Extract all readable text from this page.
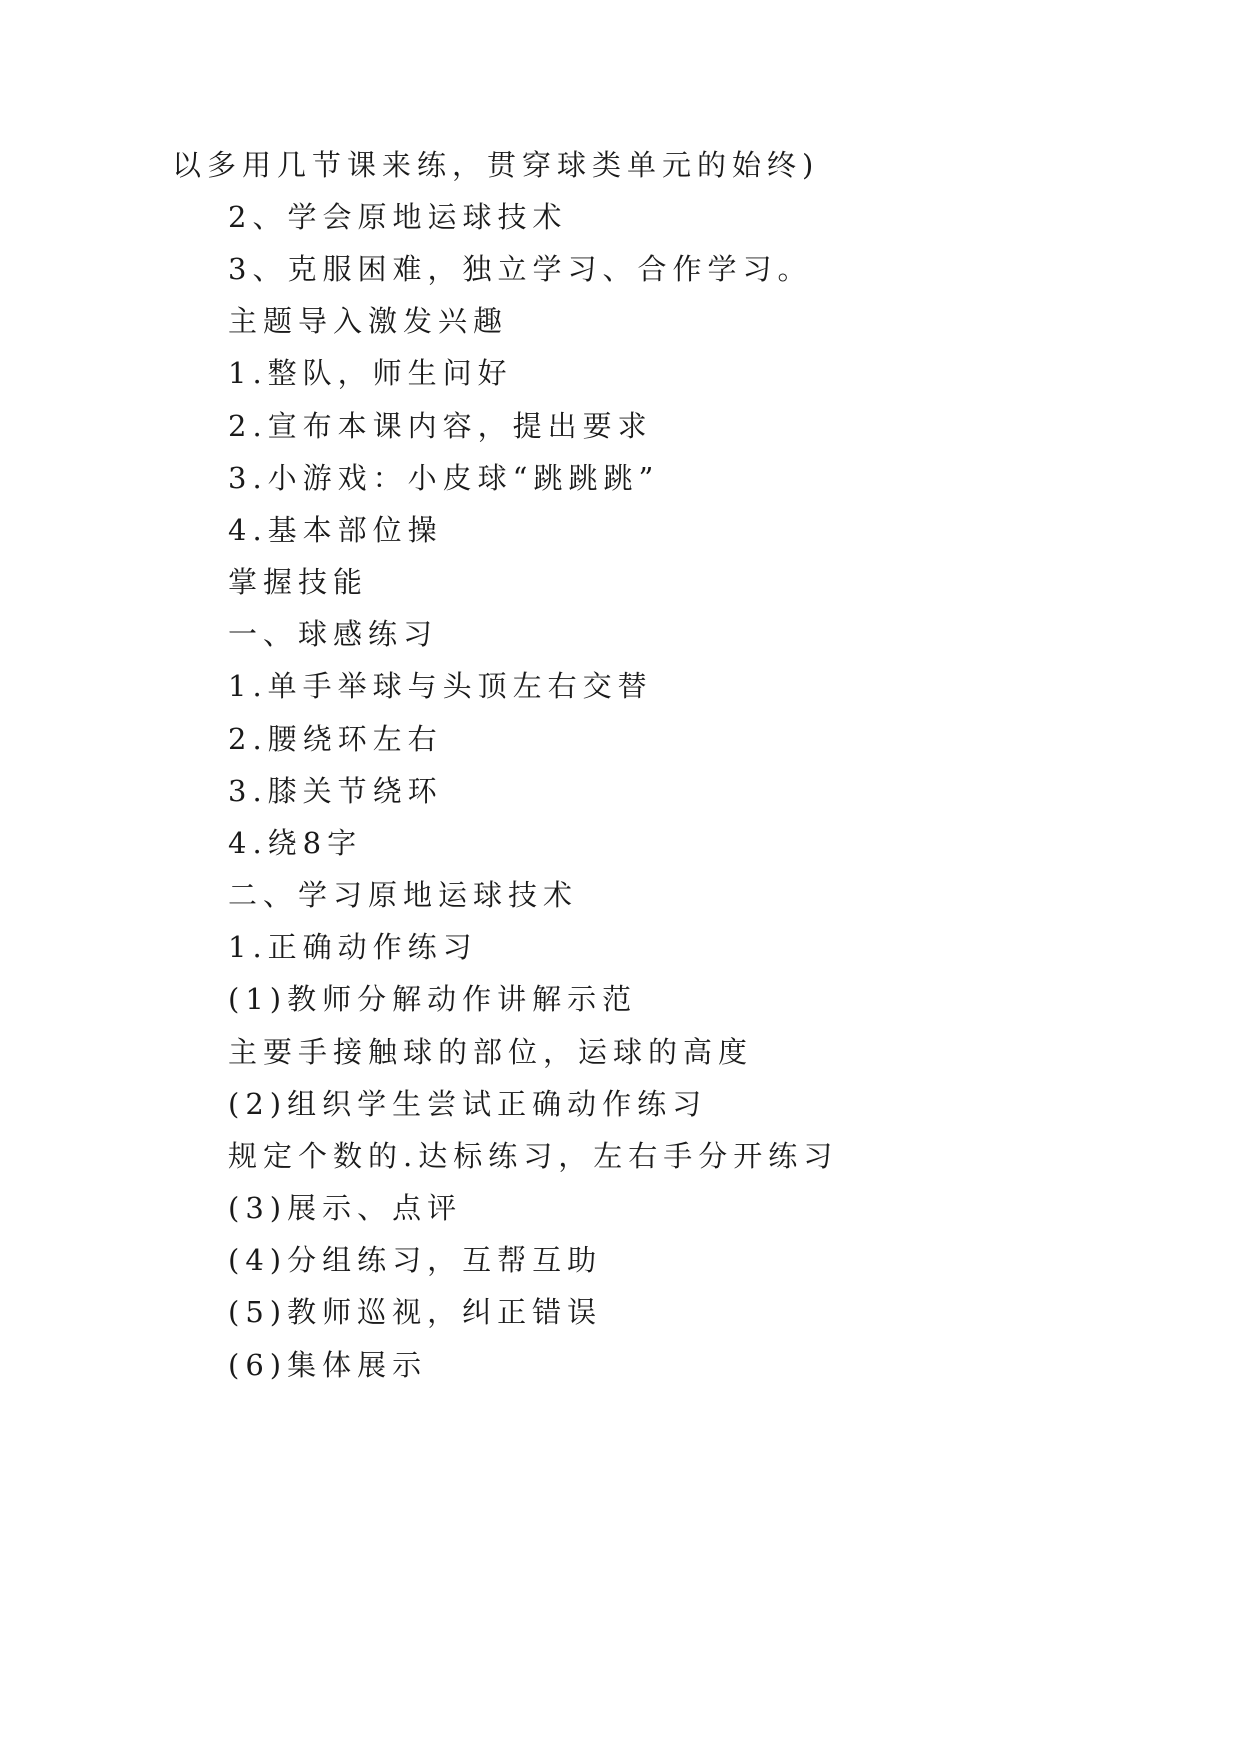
以多用几节课来练，贯穿球类单元的始终)
2、学会原地运球技术
3、克服困难，独立学习、合作学习。
主题导入激发兴趣
1.整队，师生问好
2.宣布本课内容，提出要求
3.小游戏：小皮球“跳跳跳”
4.基本部位操
掌握技能
一、球感练习
1.单手举球与头顶左右交替
2.腰绕环左右
3.膝关节绕环
4.绕8字
二、学习原地运球技术
1.正确动作练习
(1)教师分解动作讲解示范
主要手接触球的部位，运球的高度
(2)组织学生尝试正确动作练习
规定个数的.达标练习，左右手分开练习
(3)展示、点评
(4)分组练习，互帮互助
(5)教师巡视，纠正错误
(6)集体展示
